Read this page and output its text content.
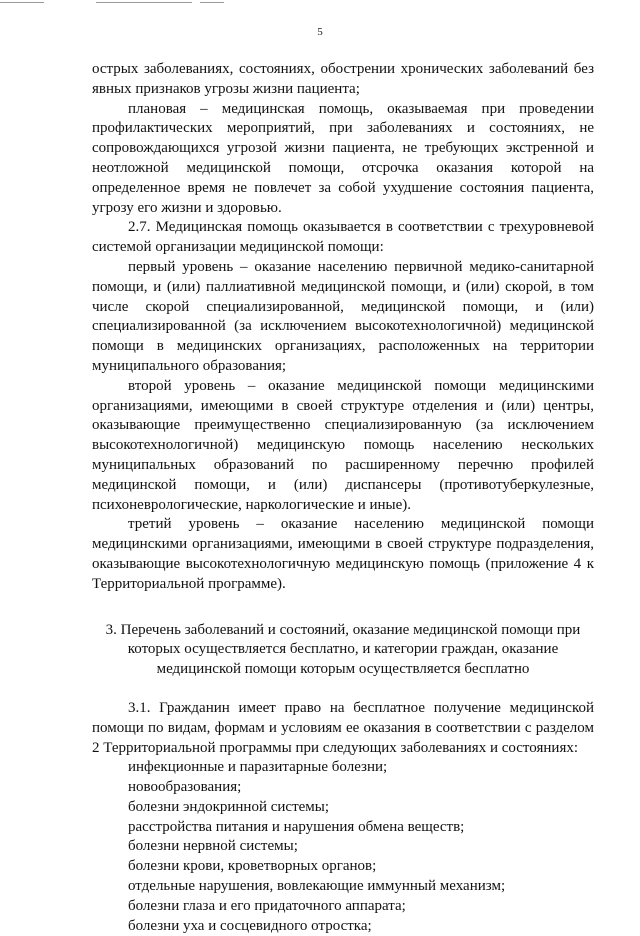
5

острых заболеваниях, состояниях, обострении хронических заболеваний без явных признаков угрозы жизни пациента;

плановая – медицинская помощь, оказываемая при проведении профилактических мероприятий, при заболеваниях и состояниях, не сопровождающихся угрозой жизни пациента, не требующих экстренной и неотложной медицинской помощи, отсрочка оказания которой на определенное время не повлечет за собой ухудшение состояния пациента, угрозу его жизни и здоровью.

2.7. Медицинская помощь оказывается в соответствии с трехуровневой системой организации медицинской помощи:

первый уровень – оказание населению первичной медико-санитарной помощи, и (или) паллиативной медицинской помощи, и (или) скорой, в том числе скорой специализированной, медицинской помощи, и (или) специализированной (за исключением высокотехнологичной) медицинской помощи в медицинских организациях, расположенных на территории муниципального образования;

второй уровень – оказание медицинской помощи медицинскими организациями, имеющими в своей структуре отделения и (или) центры, оказывающие преимущественно специализированную (за исключением высокотехнологичной) медицинскую помощь населению нескольких муниципальных образований по расширенному перечню профилей медицинской помощи, и (или) диспансеры (противотуберкулезные, психоневрологические, наркологические и иные).

третий уровень – оказание населению медицинской помощи медицинскими организациями, имеющими в своей структуре подразделения, оказывающие высокотехнологичную медицинскую помощь (приложение 4 к Территориальной программе).

3. Перечень заболеваний и состояний, оказание медицинской помощи при которых осуществляется бесплатно, и категории граждан, оказание медицинской помощи которым осуществляется бесплатно

3.1. Гражданин имеет право на бесплатное получение медицинской помощи по видам, формам и условиям ее оказания в соответствии с разделом 2 Территориальной программы при следующих заболеваниях и состояниях:

инфекционные и паразитарные болезни;
новообразования;
болезни эндокринной системы;
расстройства питания и нарушения обмена веществ;
болезни нервной системы;
болезни крови, кроветворных органов;
отдельные нарушения, вовлекающие иммунный механизм;
болезни глаза и его придаточного аппарата;
болезни уха и сосцевидного отростка;
